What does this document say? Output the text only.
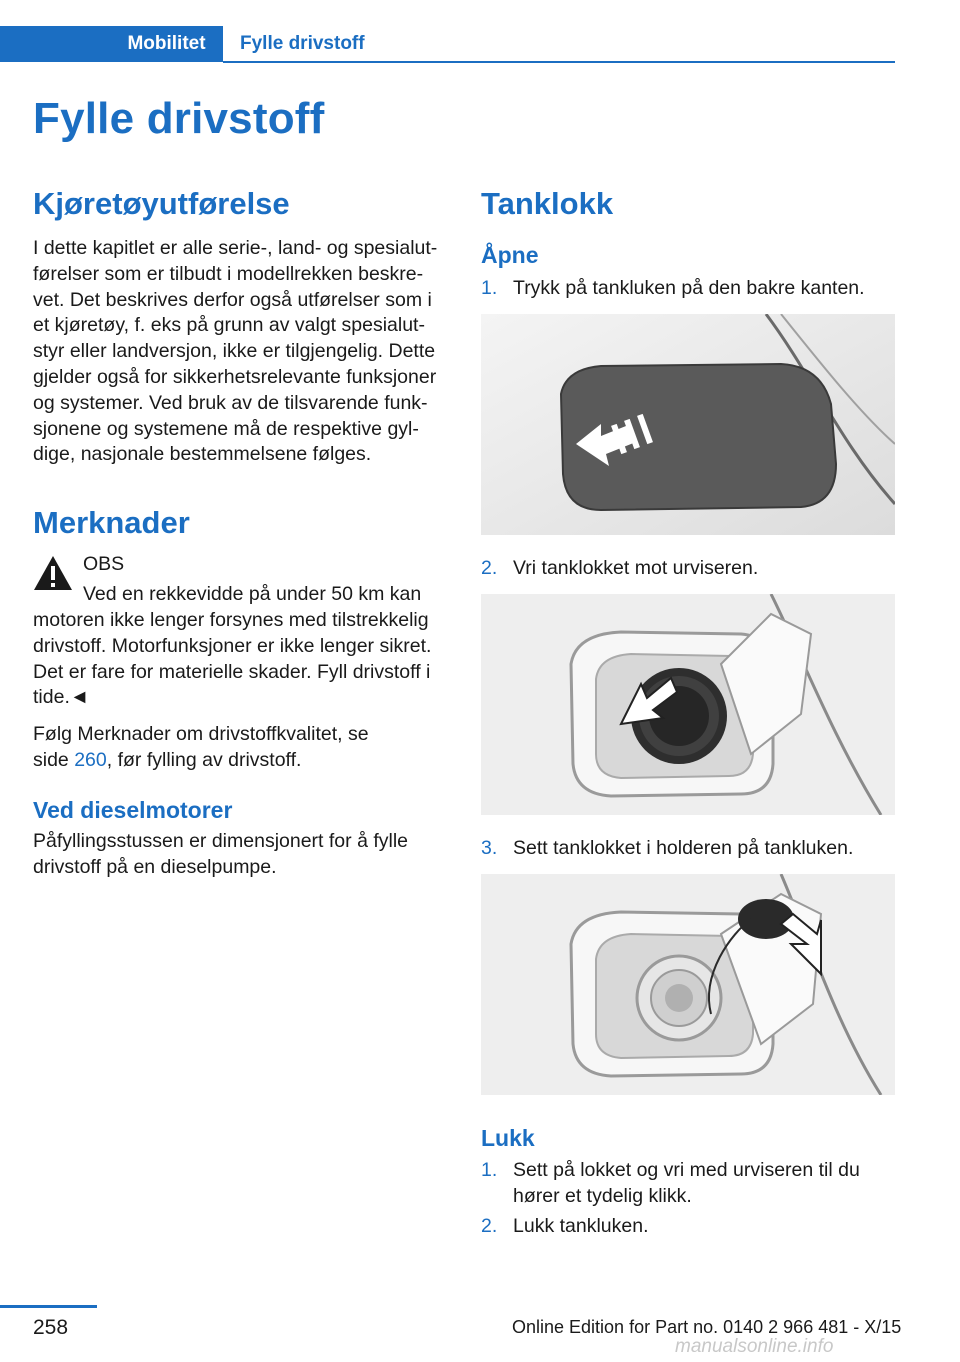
Mobilitet	Fylle drivstoff
Fylle drivstoff
Kjøretøyutførelse
I dette kapitlet er alle serie-, land- og spesialut-
førelser som er tilbudt i modellrekken beskre-
vet. Det beskrives derfor også utførelser som i
et kjøretøy, f. eks på grunn av valgt spesialut-
styr eller landversjon, ikke er tilgjengelig. Dette
gjelder også for sikkerhetsrelevante funksjoner
og systemer. Ved bruk av de tilsvarende funk-
sjonene og systemene må de respektive gyl-
dige, nasjonale bestemmelsene følges.
Merknader
OBS
Ved en rekkevidde på under 50 km kan
motoren ikke lenger forsynes med tilstrekkelig
drivstoff. Motorfunksjoner er ikke lenger sikret.
Det er fare for materielle skader. Fyll drivstoff i
tide.◄
Følg Merknader om drivstoffkvalitet, se
side 260, før fylling av drivstoff.
Ved dieselmotorer
Påfyllingsstussen er dimensjonert for å fylle
drivstoff på en dieselpumpe.
Tanklokk
Åpne
1. Trykk på tankluken på den bakre kanten.
2. Vri tanklokket mot urviseren.
3. Sett tanklokket i holderen på tankluken.
Lukk
1. Sett på lokket og vri med urviseren til du
hører et tydelig klikk.
2. Lukk tankluken.
258	Online Edition for Part no. 0140 2 966 481 - X/15
manualsonline.info
